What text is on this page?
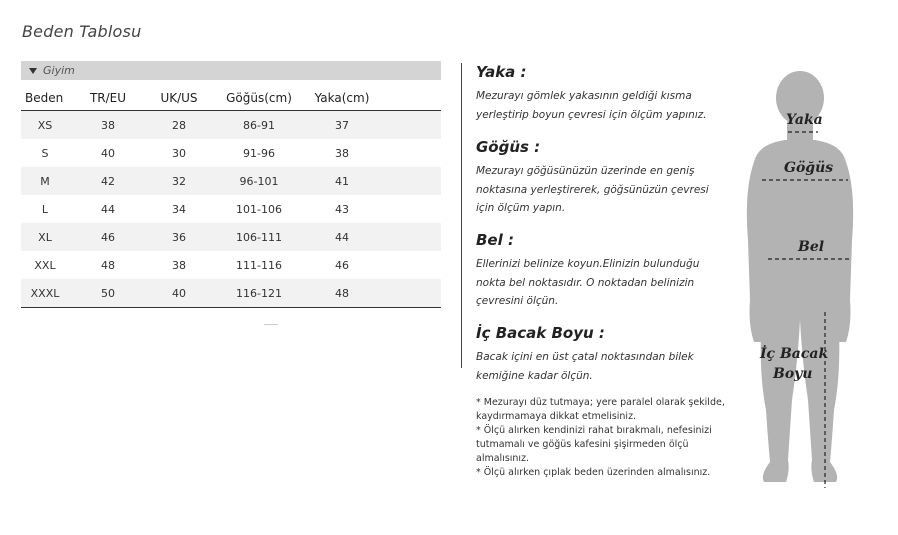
Beden Tablosu
Giyim
Beden	TR/EU	UK/US	Göğüs(cm)	Yaka(cm)	
XS	38	28	86-91	37	
S	40	30	91-96	38	
M	42	32	96-101	41	
L	44	34	101-106	43	
XL	46	36	106-111	44	
XXL	48	38	111-116	46	
XXXL	50	40	116-121	48	
Yaka :

Mezurayı gömlek yakasının geldiği kısma yerleştirip boyun çevresi için ölçüm yapınız.

Göğüs :

Mezurayı göğüsünüzün üzerinde en geniş noktasına yerleştirerek, göğsünüzün çevresi için ölçüm yapın.

Bel :

Ellerinizi belinize koyun.Elinizin bulunduğu nokta bel noktasıdır. O noktadan belinizin çevresini ölçün.

İç Bacak Boyu :

Bacak içini en üst çatal noktasından bilek kemiğine kadar ölçün.

* Mezurayı düz tutmaya; yere paralel olarak şekilde, kaydırmamaya dikkat etmelisiniz.
* Ölçü alırken kendinizi rahat bırakmalı, nefesinizi tutmamalı ve göğüs kafesini şişirmeden ölçü almalısınız.
* Ölçü alırken çıplak beden üzerinden almalısınız.
Yaka
Göğüs
Bel
İç Bacak
Boyu
